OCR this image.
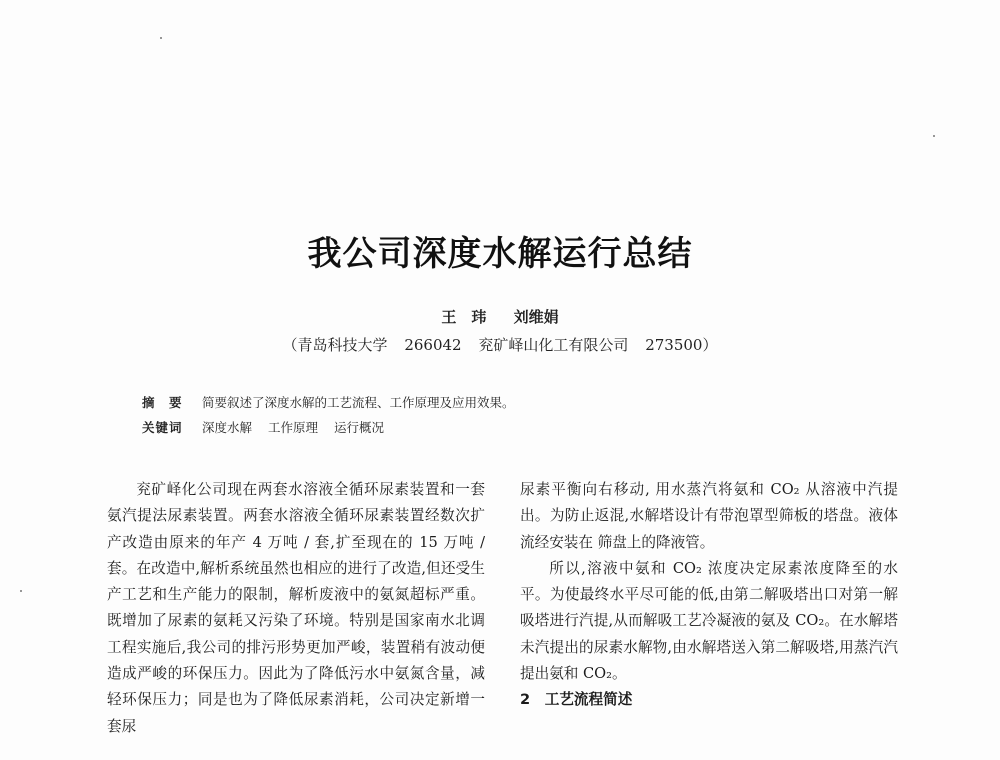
我公司深度水解运行总结
王　玮 刘维娟
（青岛科技大学 266042 兖矿峄山化工有限公司 273500）
摘　要 简要叙述了深度水解的工艺流程、工作原理及应用效果。
关键词 深度水解 工作原理 运行概况

兖矿峄化公司现在两套水溶液全循环尿素装置和一套氨汽提法尿素装置。两套水溶液全循环尿素装置经数次扩产改造由原来的年产 4 万吨 / 套,扩至现在的 15 万吨 / 套。在改造中,解析系统虽然也相应的进行了改造,但还受生产工艺和生产能力的限制，解析废液中的氨氮超标严重。既增加了尿素的氨耗又污染了环境。特别是国家南水北调工程实施后,我公司的排污形势更加严峻，装置稍有波动便造成严峻的环保压力。因此为了降低污水中氨氮含量，减轻环保压力；同是也为了降低尿素消耗，公司决定新增一套尿

尿素平衡向右移动, 用水蒸汽将氨和 CO₂ 从溶液中汽提出。为防止返混,水解塔设计有带泡罩型筛板的塔盘。液体流经安装在 筛盘上的降液管。

所以,溶液中氨和 CO₂ 浓度决定尿素浓度降至的水平。为使最终水平尽可能的低,由第二解吸塔出口对第一解吸塔进行汽提,从而解吸工艺冷凝液的氨及 CO₂。在水解塔未汽提出的尿素水解物,由水解塔送入第二解吸塔,用蒸汽汽提出氨和 CO₂。

2　工艺流程简述
